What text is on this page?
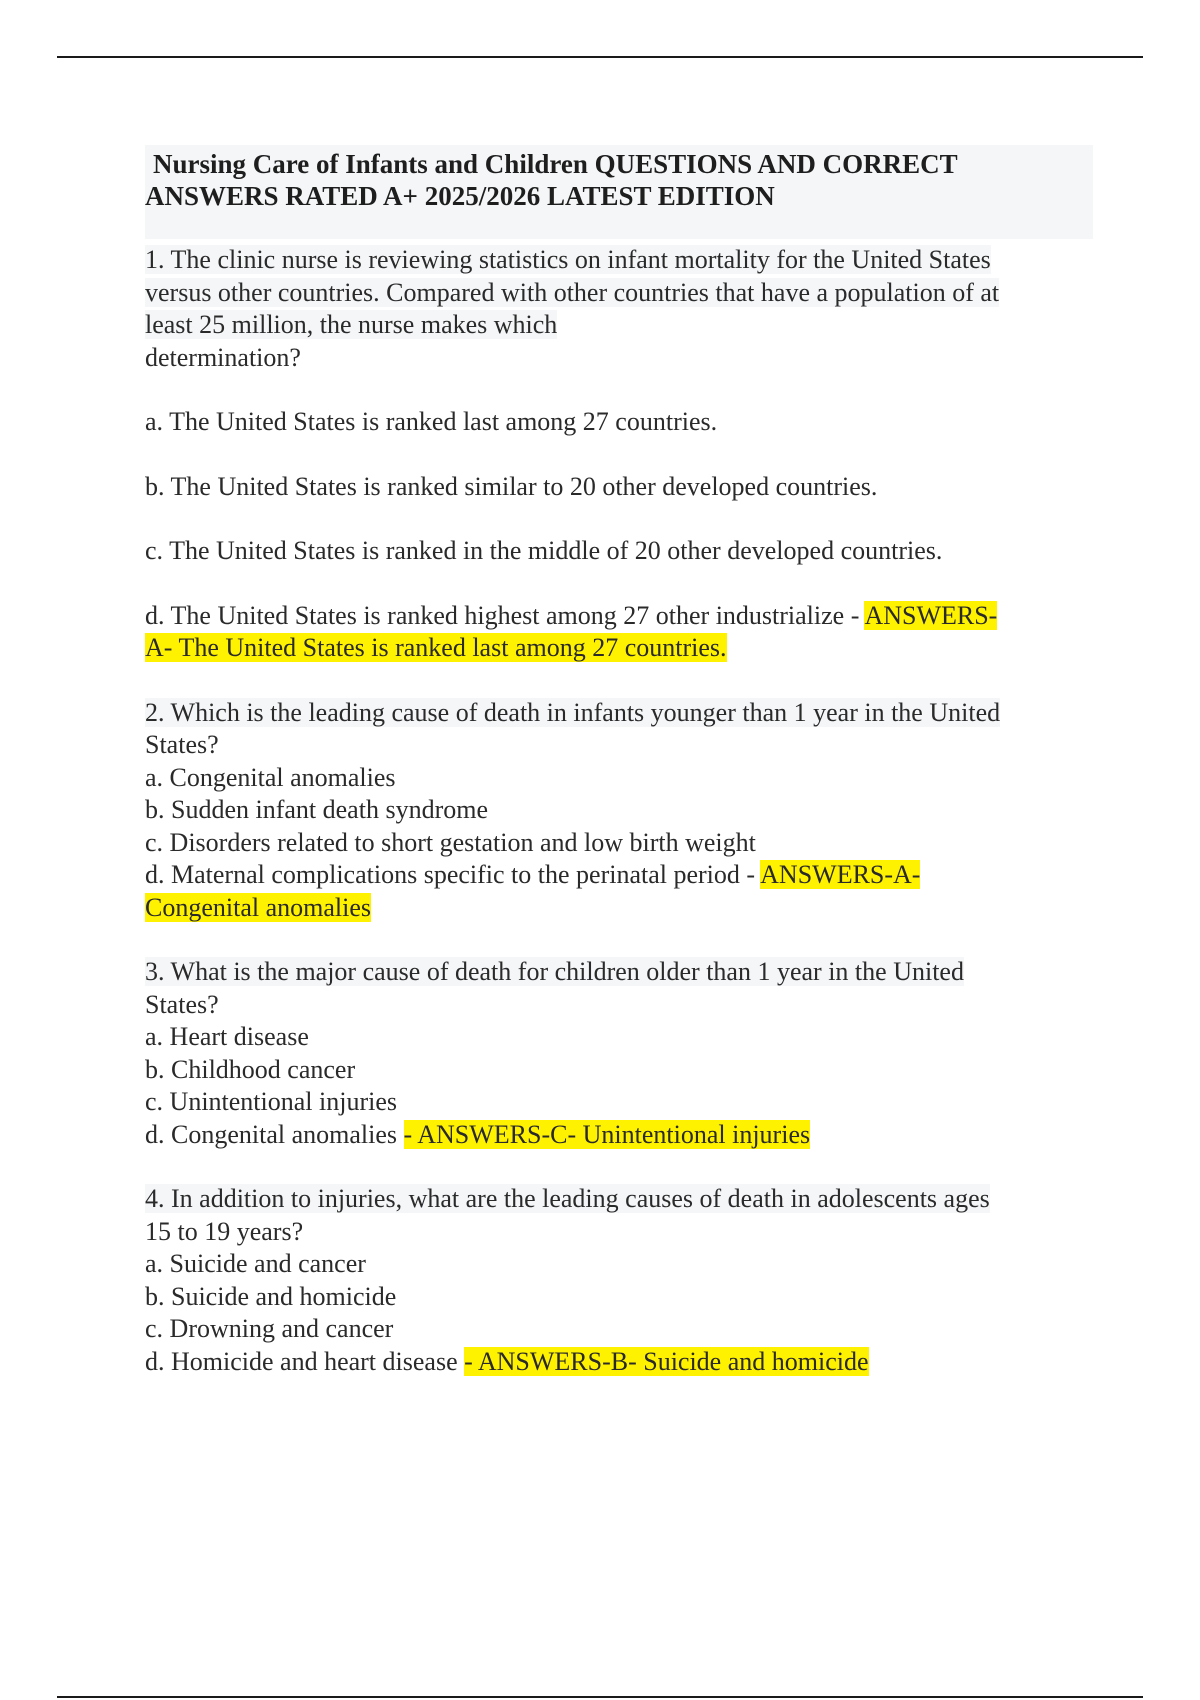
Nursing Care of Infants and Children QUESTIONS AND CORRECT
ANSWERS RATED A+ 2025/2026 LATEST EDITION
1. The clinic nurse is reviewing statistics on infant mortality for the United States
versus other countries. Compared with other countries that have a population of at
least 25 million, the nurse makes which
determination?
a. The United States is ranked last among 27 countries.
b. The United States is ranked similar to 20 other developed countries.
c. The United States is ranked in the middle of 20 other developed countries.
d. The United States is ranked highest among 27 other industrialize - ANSWERS-
A- The United States is ranked last among 27 countries.
2. Which is the leading cause of death in infants younger than 1 year in the United
States?
a. Congenital anomalies
b. Sudden infant death syndrome
c. Disorders related to short gestation and low birth weight
d. Maternal complications specific to the perinatal period - ANSWERS-A-
Congenital anomalies
3. What is the major cause of death for children older than 1 year in the United
States?
a. Heart disease
b. Childhood cancer
c. Unintentional injuries
d. Congenital anomalies - ANSWERS-C- Unintentional injuries
4. In addition to injuries, what are the leading causes of death in adolescents ages
15 to 19 years?
a. Suicide and cancer
b. Suicide and homicide
c. Drowning and cancer
d. Homicide and heart disease - ANSWERS-B- Suicide and homicide
